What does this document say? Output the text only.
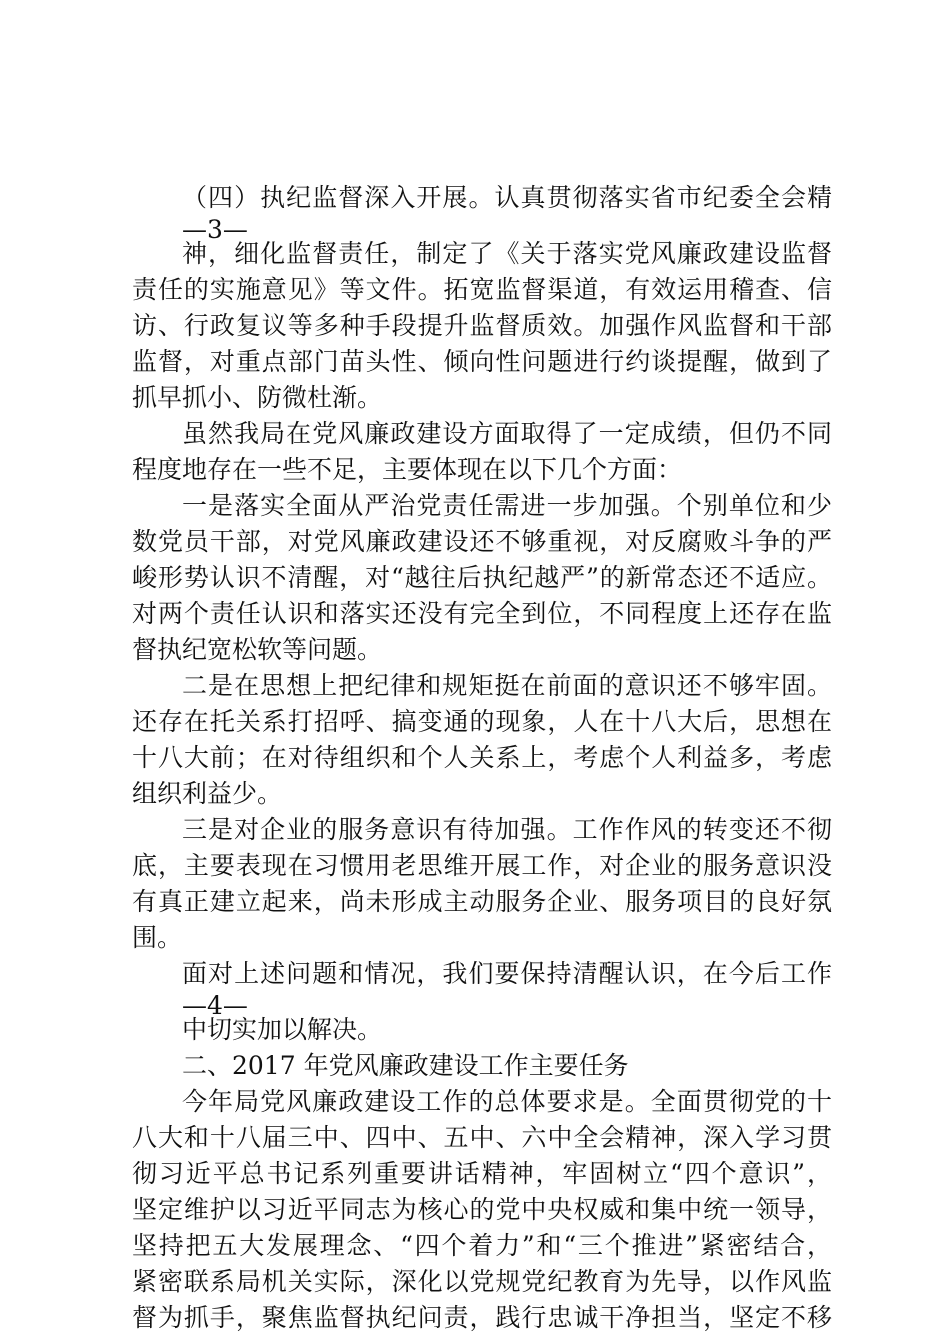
（四）执纪监督深入开展。认真贯彻落实省市纪委全会精
—3—
神，细化监督责任，制定了《关于落实党风廉政建设监督
责任的实施意见》等文件。拓宽监督渠道，有效运用稽查、信
访、行政复议等多种手段提升监督质效。加强作风监督和干部
监督，对重点部门苗头性、倾向性问题进行约谈提醒，做到了
抓早抓小、防微杜渐。
虽然我局在党风廉政建设方面取得了一定成绩，但仍不同
程度地存在一些不足，主要体现在以下几个方面：
一是落实全面从严治党责任需进一步加强。个别单位和少
数党员干部，对党风廉政建设还不够重视，对反腐败斗争的严
峻形势认识不清醒，对“越往后执纪越严”的新常态还不适应。
对两个责任认识和落实还没有完全到位，不同程度上还存在监
督执纪宽松软等问题。
二是在思想上把纪律和规矩挺在前面的意识还不够牢固。
还存在托关系打招呼、搞变通的现象，人在十八大后，思想在
十八大前；在对待组织和个人关系上，考虑个人利益多，考虑
组织利益少。
三是对企业的服务意识有待加强。工作作风的转变还不彻
底，主要表现在习惯用老思维开展工作，对企业的服务意识没
有真正建立起来，尚未形成主动服务企业、服务项目的良好氛
围。
面对上述问题和情况，我们要保持清醒认识，在今后工作
—4—
中切实加以解决。
二、2017 年党风廉政建设工作主要任务
今年局党风廉政建设工作的总体要求是。全面贯彻党的十
八大和十八届三中、四中、五中、六中全会精神，深入学习贯
彻习近平总书记系列重要讲话精神，牢固树立“四个意识”，
坚定维护以习近平同志为核心的党中央权威和集中统一领导，
坚持把五大发展理念、“四个着力”和“三个推进”紧密结合，
紧密联系局机关实际，深化以党规党纪教育为先导，以作风监
督为抓手，聚焦监督执纪问责，践行忠诚干净担当，坚定不移
